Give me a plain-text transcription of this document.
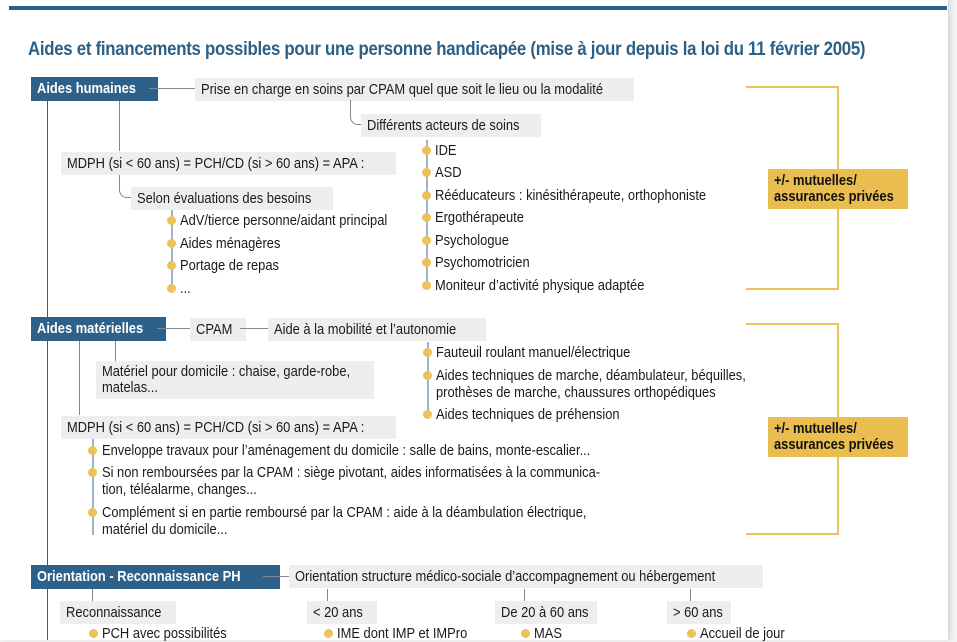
Aides et financements possibles pour une personne handicapée (mise à jour depuis la loi du 11 février 2005)
Aides humaines	Prise en charge en soins par CPAM quel que soit le lieu ou la modalité
Différents acteurs de soins
IDE
ASD
Rééducateurs : kinésithérapeute, orthophoniste
Ergothérapeute
Psychologue
Psychomotricien
Moniteur d’activité physique adaptée
MDPH (si < 60 ans) = PCH/CD (si > 60 ans) = APA :
Selon évaluations des besoins
AdV/tierce personne/aidant principal
Aides ménagères
Portage de repas
...
+/- mutuelles/
assurances privées
Aides matérielles	CPAM	Aide à la mobilité et l’autonomie
Fauteuil roulant manuel/électrique
Aides techniques de marche, déambulateur, béquilles,
prothèses de marche, chaussures orthopédiques
Aides techniques de préhension
Matériel pour domicile : chaise, garde-robe,
matelas...
MDPH (si < 60 ans) = PCH/CD (si > 60 ans) = APA :
Enveloppe travaux pour l’aménagement du domicile : salle de bains, monte-escalier...
Si non remboursées par la CPAM : siège pivotant, aides informatisées à la communica-
tion, téléalarme, changes...
Complément si en partie remboursé par la CPAM : aide à la déambulation électrique,
matériel du domicile...
+/- mutuelles/
assurances privées
Orientation - Reconnaissance PH	Orientation structure médico-sociale d’accompagnement ou hébergement
Reconnaissance
PCH avec possibilités
< 20 ans
IME dont IMP et IMPro
De 20 à 60 ans
MAS
> 60 ans
Accueil de jour
